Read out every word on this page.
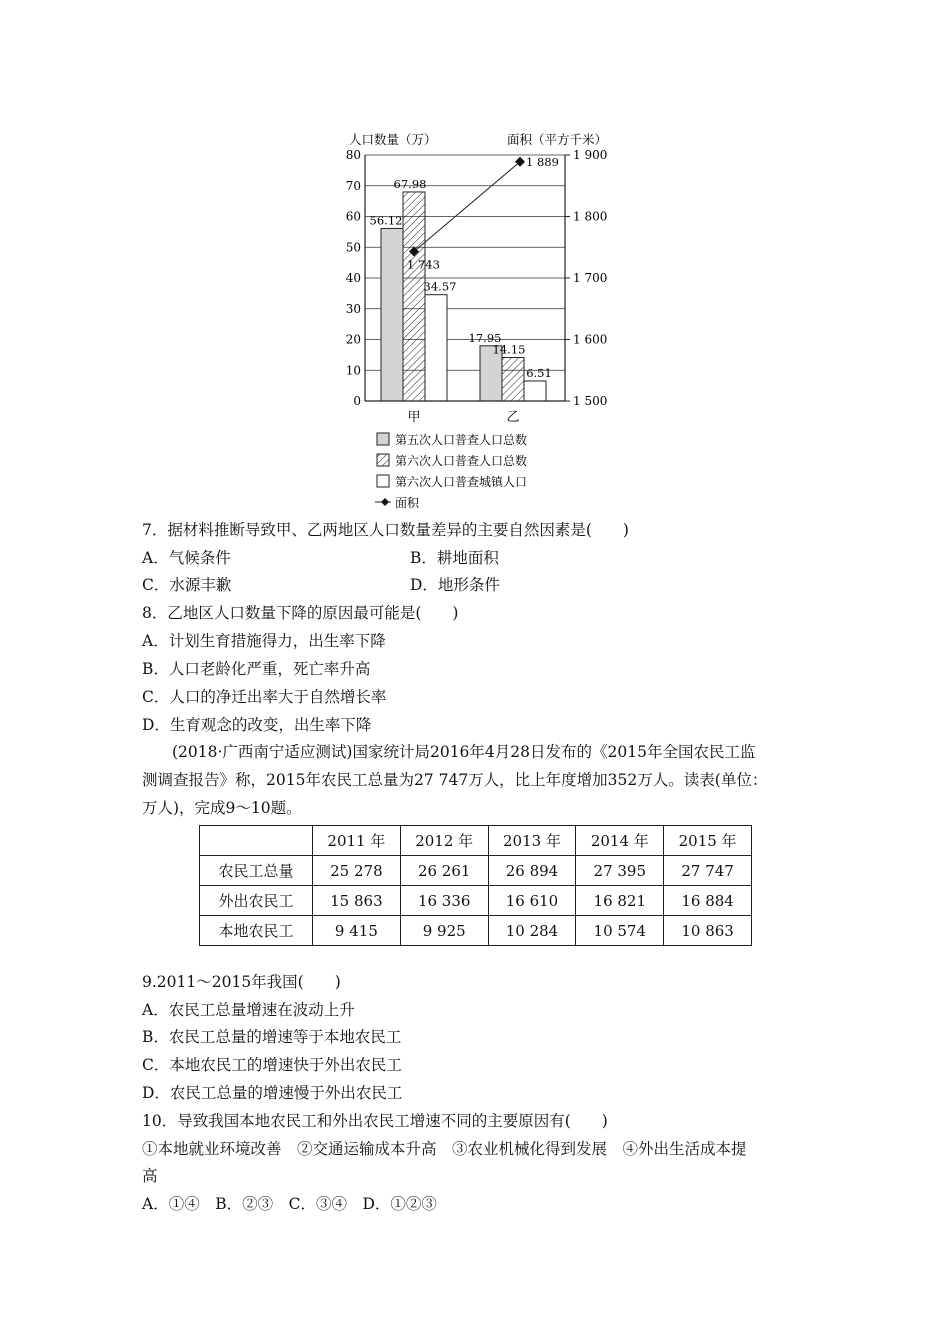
人口数量（万）	面积（平方千米）
56.12
67.98
34.57
17.95
14.15
6.51
1 743
1 889
0
10
20
30
40
50
60
70
80
1 500
1 600
1 700
1 800
1 900
甲	乙
第五次人口普查人口总数
第六次人口普查人口总数
第六次人口普查城镇人口
面积
7．据材料推断导致甲、乙两地区人口数量差异的主要自然因素是(　　)
A．气候条件	B．耕地面积
C．水源丰歉	D．地形条件
8．乙地区人口数量下降的原因最可能是(　　)
A．计划生育措施得力，出生率下降
B．人口老龄化严重，死亡率升高
C．人口的净迁出率大于自然增长率
D．生育观念的改变，出生率下降
(2018·广西南宁适应测试)国家统计局2016年4月28日发布的《2015年全国农民工监
测调查报告》称，2015年农民工总量为27 747万人，比上年度增加352万人。读表(单位：
万人)，完成9～10题。
	2011 年	2012 年	2013 年	2014 年	2015 年
农民工总量	25 278	26 261	26 894	27 395	27 747
外出农民工	15 863	16 336	16 610	16 821	16 884
本地农民工	9 415	9 925	10 284	10 574	10 863
9.2011～2015年我国(　　)
A．农民工总量增速在波动上升
B．农民工总量的增速等于本地农民工
C．本地农民工的增速快于外出农民工
D．农民工总量的增速慢于外出农民工
10．导致我国本地农民工和外出农民工增速不同的主要原因有(　　)
①本地就业环境改善　②交通运输成本升高　③农业机械化得到发展　④外出生活成本提
高
A．①④　B．②③　C．③④　D．①②③
